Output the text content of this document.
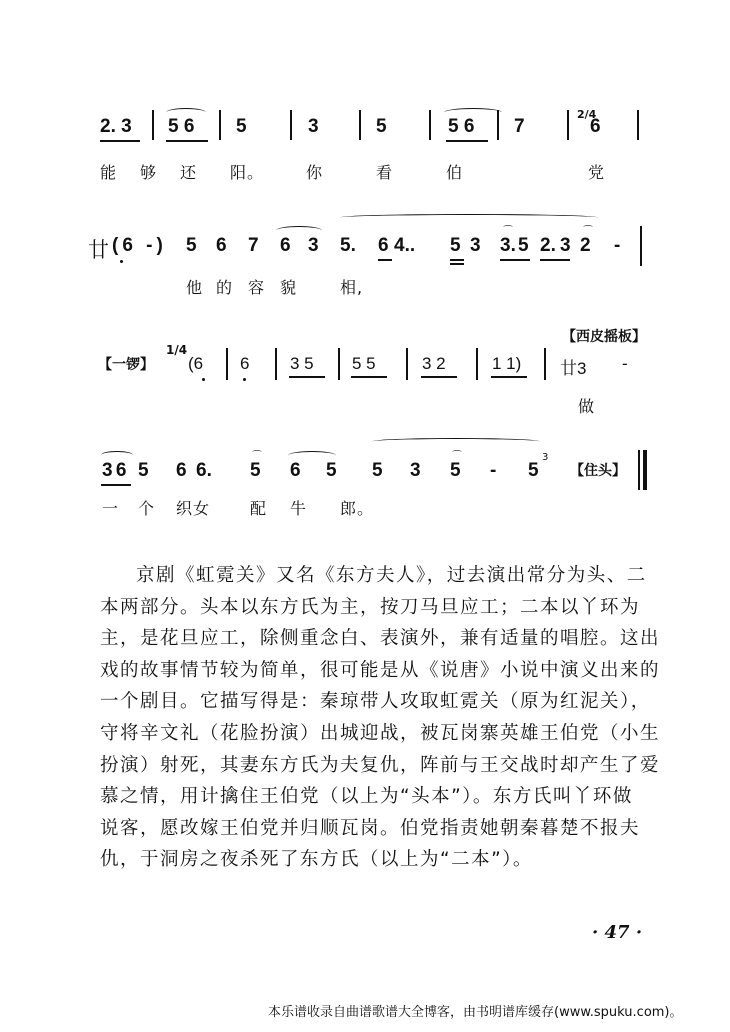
2. 3 5 6 5	3	5	5 6 7
2/4
6
能 够 还 阳。	你	看	伯	党
廿 (6 -) 5 6 7 6 3 5. 6 4.. 5 3
⌒
3. 5 2. 3
⌒
2 -
他 的 容 貌	相,
【西皮摇板】
【一锣】
1/4
(6 6 3 5 5 5	3 2	1 1) 廿3 -
做
3 6 5 6 6.
⌒
5 6 5 5 3
⌒
5 - 5
3
【住头】
一 个 织女 配 牛 郎。
京剧《虹霓关》又名《东方夫人》，过去演出常分为头、二
本两部分。头本以东方氏为主，按刀马旦应工；二本以丫环为
主，是花旦应工，除侧重念白、表演外，兼有适量的唱腔。这出
戏的故事情节较为简单，很可能是从《说唐》小说中演义出来的
一个剧目。它描写得是：秦琼带人攻取虹霓关（原为红泥关），
守将辛文礼（花脸扮演）出城迎战，被瓦岗寨英雄王伯党（小生
扮演）射死，其妻东方氏为夫复仇，阵前与王交战时却产生了爱
慕之情，用计擒住王伯党（以上为“头本”）。东方氏叫丫环做
说客，愿改嫁王伯党并归顺瓦岗。伯党指责她朝秦暮楚不报夫
仇，于洞房之夜杀死了东方氏（以上为“二本”）。
· 47 ·
本乐谱收录自曲谱歌谱大全博客，由书明谱库缓存(www.spuku.com)。
